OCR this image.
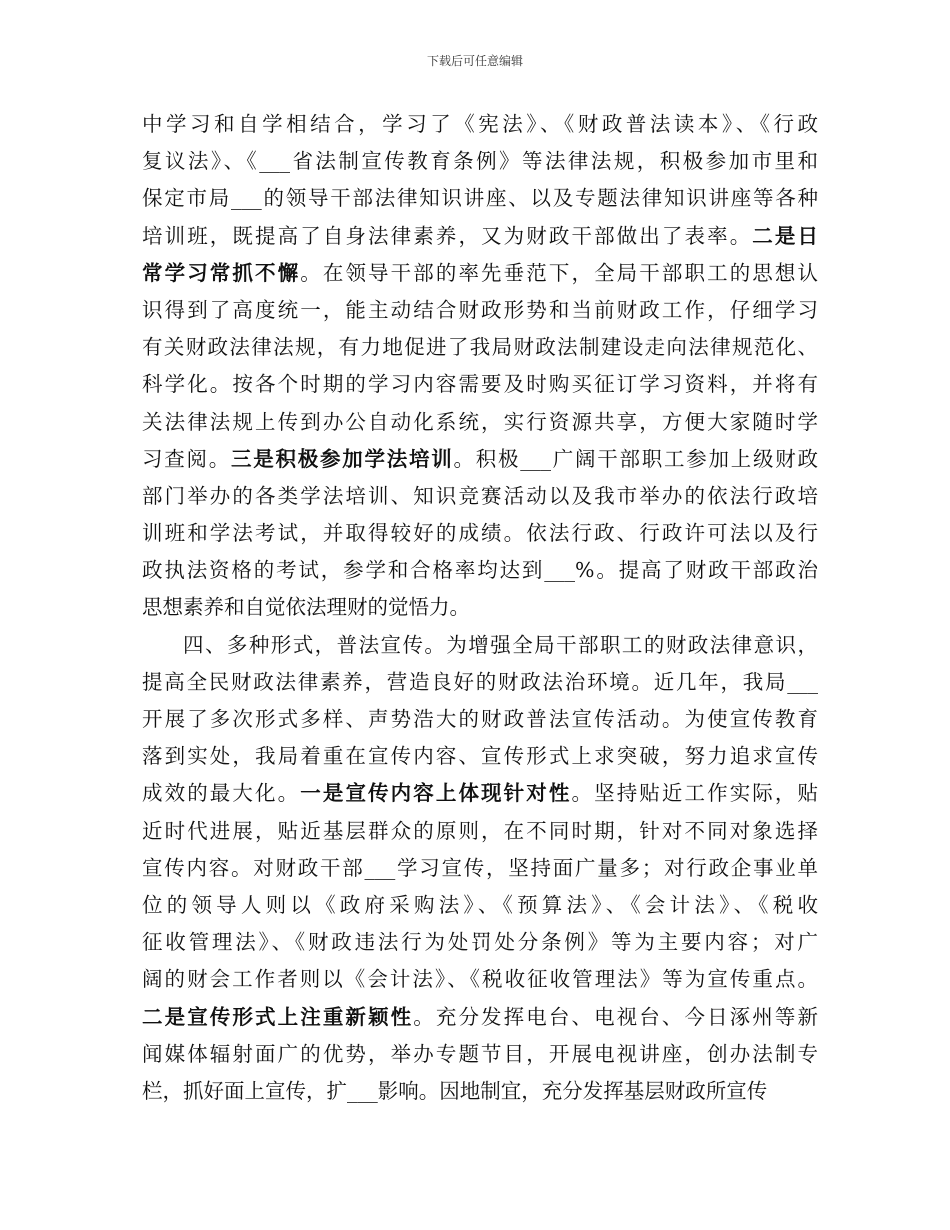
下载后可任意编辑
中学习和自学相结合，学习了《宪法》、《财政普法读本》、《行政
复议法》、《___省法制宣传教育条例》等法律法规，积极参加市里和
保定市局___的领导干部法律知识讲座、以及专题法律知识讲座等各种
培训班，既提高了自身法律素养，又为财政干部做出了表率。二是日
常学习常抓不懈。在领导干部的率先垂范下，全局干部职工的思想认
识得到了高度统一，能主动结合财政形势和当前财政工作，仔细学习
有关财政法律法规，有力地促进了我局财政法制建设走向法律规范化、
科学化。按各个时期的学习内容需要及时购买征订学习资料，并将有
关法律法规上传到办公自动化系统，实行资源共享，方便大家随时学
习查阅。三是积极参加学法培训。积极___广阔干部职工参加上级财政
部门举办的各类学法培训、知识竞赛活动以及我市举办的依法行政培
训班和学法考试，并取得较好的成绩。依法行政、行政许可法以及行
政执法资格的考试，参学和合格率均达到___%。提高了财政干部政治
思想素养和自觉依法理财的觉悟力。
四、多种形式，普法宣传。为增强全局干部职工的财政法律意识，
提高全民财政法律素养，营造良好的财政法治环境。近几年，我局___
开展了多次形式多样、声势浩大的财政普法宣传活动。为使宣传教育
落到实处，我局着重在宣传内容、宣传形式上求突破，努力追求宣传
成效的最大化。一是宣传内容上体现针对性。坚持贴近工作实际，贴
近时代进展，贴近基层群众的原则，在不同时期，针对不同对象选择
宣传内容。对财政干部___学习宣传，坚持面广量多；对行政企事业单
位的领导人则以《政府采购法》、《预算法》、《会计法》、《税收
征收管理法》、《财政违法行为处罚处分条例》等为主要内容；对广
阔的财会工作者则以《会计法》、《税收征收管理法》等为宣传重点。
二是宣传形式上注重新颖性。充分发挥电台、电视台、今日涿州等新
闻媒体辐射面广的优势，举办专题节目，开展电视讲座，创办法制专
栏，抓好面上宣传，扩___影响。因地制宜，充分发挥基层财政所宣传
